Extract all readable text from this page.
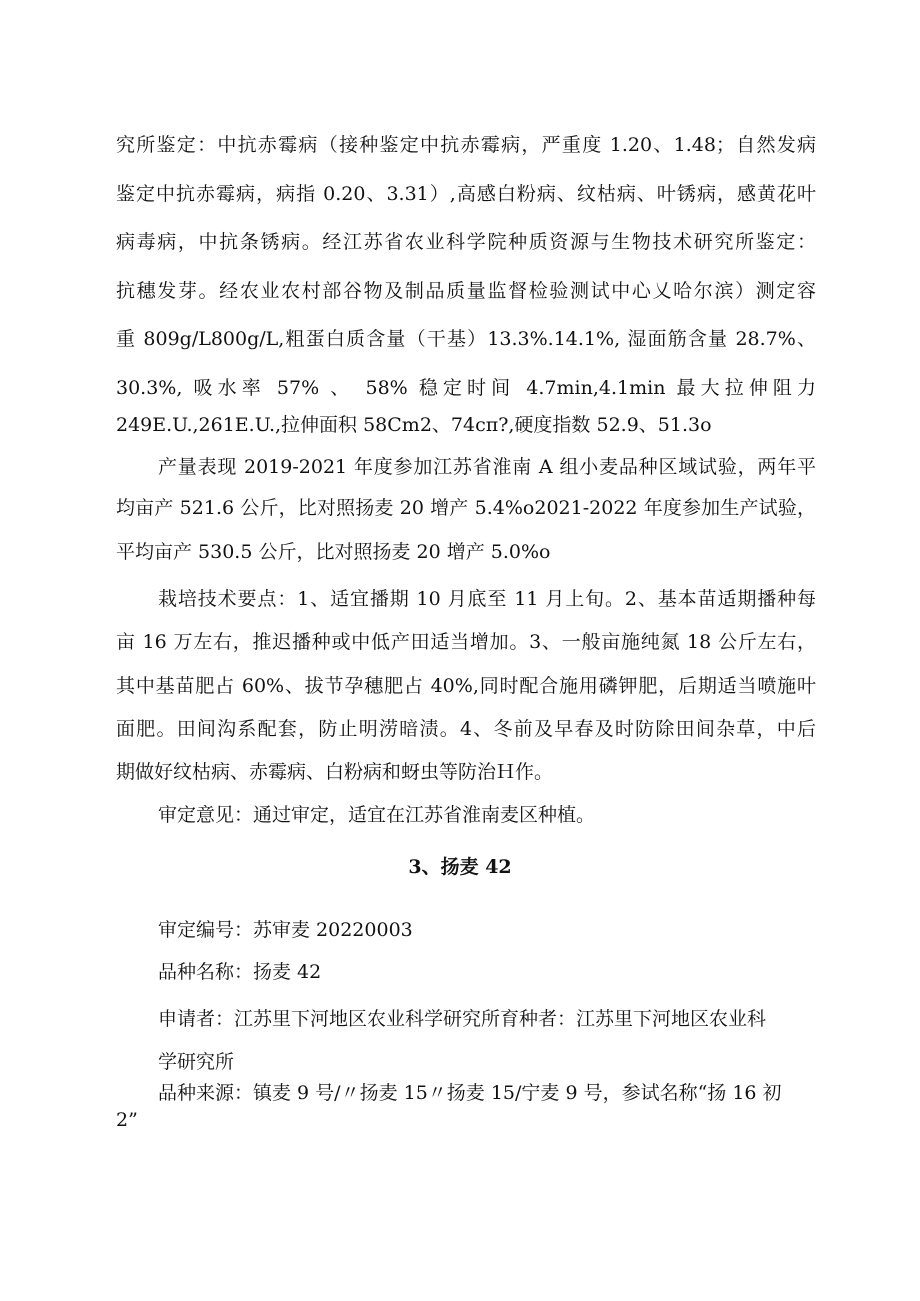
究所鉴定：中抗赤霉病（接种鉴定中抗赤霉病，严重度 1.20、1.48；自然发病
鉴定中抗赤霉病，病指 0.20、3.31）,高感白粉病、纹枯病、叶锈病，感黄花叶
病毒病，中抗条锈病。经江苏省农业科学院种质资源与生物技术研究所鉴定：
抗穗发芽。经农业农村部谷物及制品质量监督检验测试中心乂哈尔滨）测定容
重 809g∕L800g∕L,粗蛋白质含量（干基）13.3%.14.1%, 湿面筋含量 28.7%、
30.3%, 吸水率 57% 、 58% 稳定时间 4.7min,4.1min 最大拉伸阻力
249E.U.,261E.U.,拉伸面积 58Cm2、74cπ?,硬度指数 52.9、51.3o
产量表现 2019-2021 年度参加江苏省淮南 A 组小麦品种区域试验，两年平
均亩产 521.6 公斤，比对照扬麦 20 增产 5.4%o2021-2022 年度参加生产试验，
平均亩产 530.5 公斤，比对照扬麦 20 增产 5.0%o
栽培技术要点：1、适宜播期 10 月底至 11 月上旬。2、基本苗适期播种每
亩 16 万左右，推迟播种或中低产田适当增加。3、一般亩施纯氮 18 公斤左右，
其中基苗肥占 60%、拔节孕穗肥占 40%,同时配合施用磷钾肥，后期适当喷施叶
面肥。田间沟系配套，防止明涝暗渍。4、冬前及早春及时防除田间杂草，中后
期做好纹枯病、赤霉病、白粉病和蚜虫等防治Ｈ作。
审定意见：通过审定，适宜在江苏省淮南麦区种植。
3、扬麦 42
审定编号：苏审麦 20220003
品种名称：扬麦 42
申请者：江苏里下河地区农业科学研究所育种者：江苏里下河地区农业科
学研究所
品种来源：镇麦 9 号/〃扬麦 15〃扬麦 15/宁麦 9 号，参试名称“扬 16 初
2”
